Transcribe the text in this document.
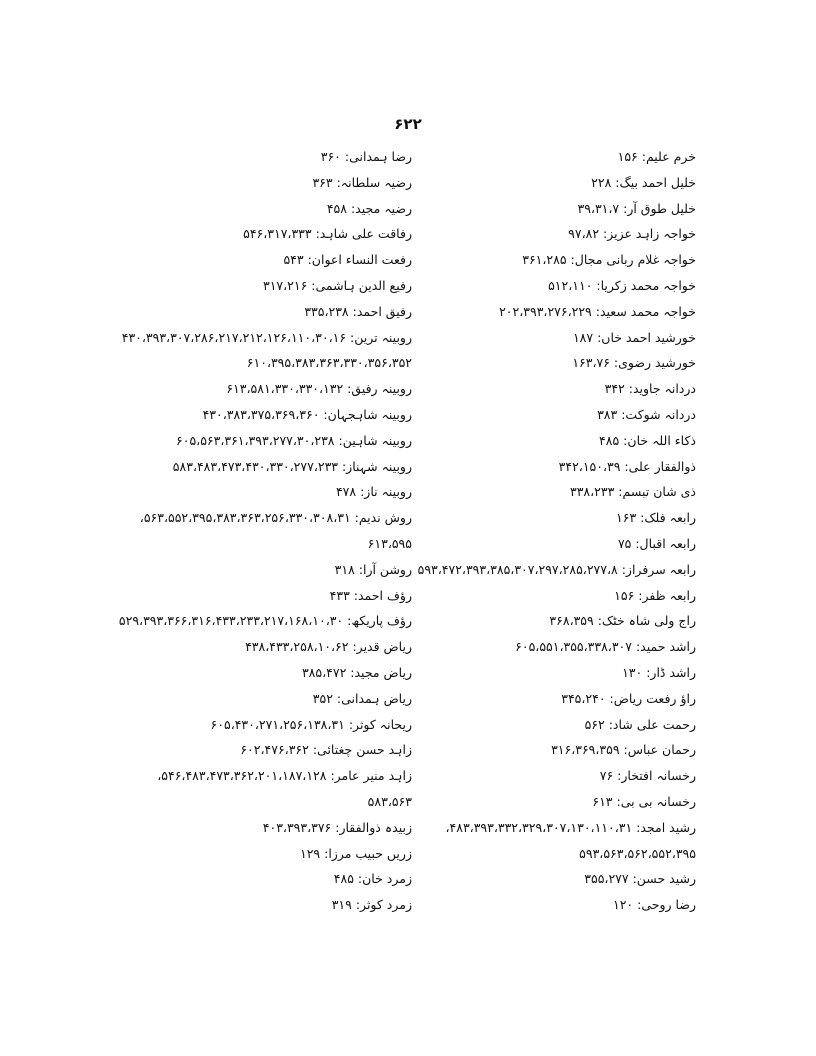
۶۲۲
خرم علیم: ۱۵۶
خلیل احمد بیگ: ۲۲۸
خلیل طوق آر: ۳۹،۳۱،۷
خواجہ زاہد عزیز: ۹۷،۸۲
خواجہ غلام ربانی مجال: ۳۶۱،۲۸۵
خواجہ محمد زکریا: ۵۱۲،۱۱۰
خواجہ محمد سعید: ۲۰۲،۳۹۳،۲۷۶،۲۲۹
خورشید احمد خاں: ۱۸۷
خورشید رضوی: ۱۶۳،۷۶
دردانہ جاوید: ۳۴۲
دردانہ شوکت: ۳۸۳
ذکاء اللہ خان: ۴۸۵
ذوالفقار علی: ۳۴۲،۱۵۰،۳۹
ذی شان تبسم: ۳۳۸،۲۳۳
رابعہ فلک: ۱۶۳
رابعہ اقبال: ۷۵
رابعہ سرفراز: ۵۹۳،۴۷۲،۳۹۳،۳۸۵،۳۰۷،۲۹۷،۲۸۵،۲۷۷،۸
رابعہ ظفر: ۱۵۶
راج ولی شاہ خٹک: ۳۶۸،۳۵۹
راشد حمید: ۶۰۵،۵۵۱،۳۵۵،۳۳۸،۳۰۷
راشد ڈار: ۱۳۰
راؤ رفعت ریاض: ۳۴۵،۲۴۰
رحمت علی شاد: ۵۶۲
رحمان عباس: ۳۱۶،۳۶۹،۳۵۹
رخسانہ افتخار: ۷۶
رخسانہ بی بی: ۶۱۳
رشید امجد: ۴۸۳،۳۹۳،۳۳۲،۳۲۹،۳۰۷،۱۳۰،۱۱۰،۳۱،
۵۹۳،۵۶۳،۵۶۲،۵۵۲،۳۹۵
رشید حسن: ۳۵۵،۲۷۷
رضا روحی: ۱۲۰
رضا ہمدانی: ۳۶۰
رضیہ سلطانہ: ۳۶۳
رضیہ مجید: ۴۵۸
رفاقت علی شاہد: ۵۴۶،۳۱۷،۳۳۳
رفعت النساء اعوان: ۵۴۳
رفیع الدین ہاشمی: ۳۱۷،۲۱۶
رفیق احمد: ۳۳۵،۲۳۸
روبینہ ترین: ۴۳۰،۳۹۳،۳۰۷،۲۸۶،۲۱۷،۲۱۲،۱۲۶،۱۱۰،۳۰،۱۶
۶۱۰،۳۹۵،۳۸۳،۳۶۳،۳۳۰،۳۵۶،۳۵۲
روبینہ رفیق: ۶۱۳،۵۸۱،۳۳۰،۳۳۰،۱۳۲
روبینہ شاہجہان: ۴۳۰،۳۸۳،۳۷۵،۳۶۹،۳۶۰
روبینہ شاہین: ۶۰۵،۵۶۳،۳۶۱،۳۹۳،۲۷۷،۳۰،۲۳۸
روبینہ شہناز: ۵۸۳،۴۸۳،۴۷۳،۴۳۰،۳۳۰،۲۷۷،۲۳۳
روبینہ ناز: ۴۷۸
روش ندیم: ۵۶۳،۵۵۲،۳۹۵،۳۸۳،۳۶۳،۲۵۶،۳۳۰،۳۰۸،۳۱،
۶۱۳،۵۹۵
روشن آرا: ۳۱۸
رؤف احمد: ۴۳۳
رؤف پاریکھ: ۵۲۹،۳۹۳،۳۶۶،۳۱۶،۴۳۳،۲۳۳،۲۱۷،۱۶۸،۱۰،۳۰
ریاض قدیر: ۴۳۸،۴۳۳،۲۵۸،۱۰،۶۲
ریاض مجید: ۳۸۵،۴۷۲
ریاض ہمدانی: ۳۵۲
ریحانہ کوثر: ۶۰۵،۴۳۰،۲۷۱،۲۵۶،۱۳۸،۳۱
زاہد حسن چغتائی: ۶۰۲،۴۷۶،۳۶۲
زاہد منیر عامر: ۵۴۶،۴۸۳،۴۷۳،۳۶۲،۲۰۱،۱۸۷،۱۲۸،
۵۸۳،۵۶۳
زبیدہ ذوالفقار: ۴۰۳،۳۹۳،۳۷۶
زریں حبیب مرزا: ۱۲۹
زمرد خان: ۴۸۵
زمرد کوثر: ۳۱۹
